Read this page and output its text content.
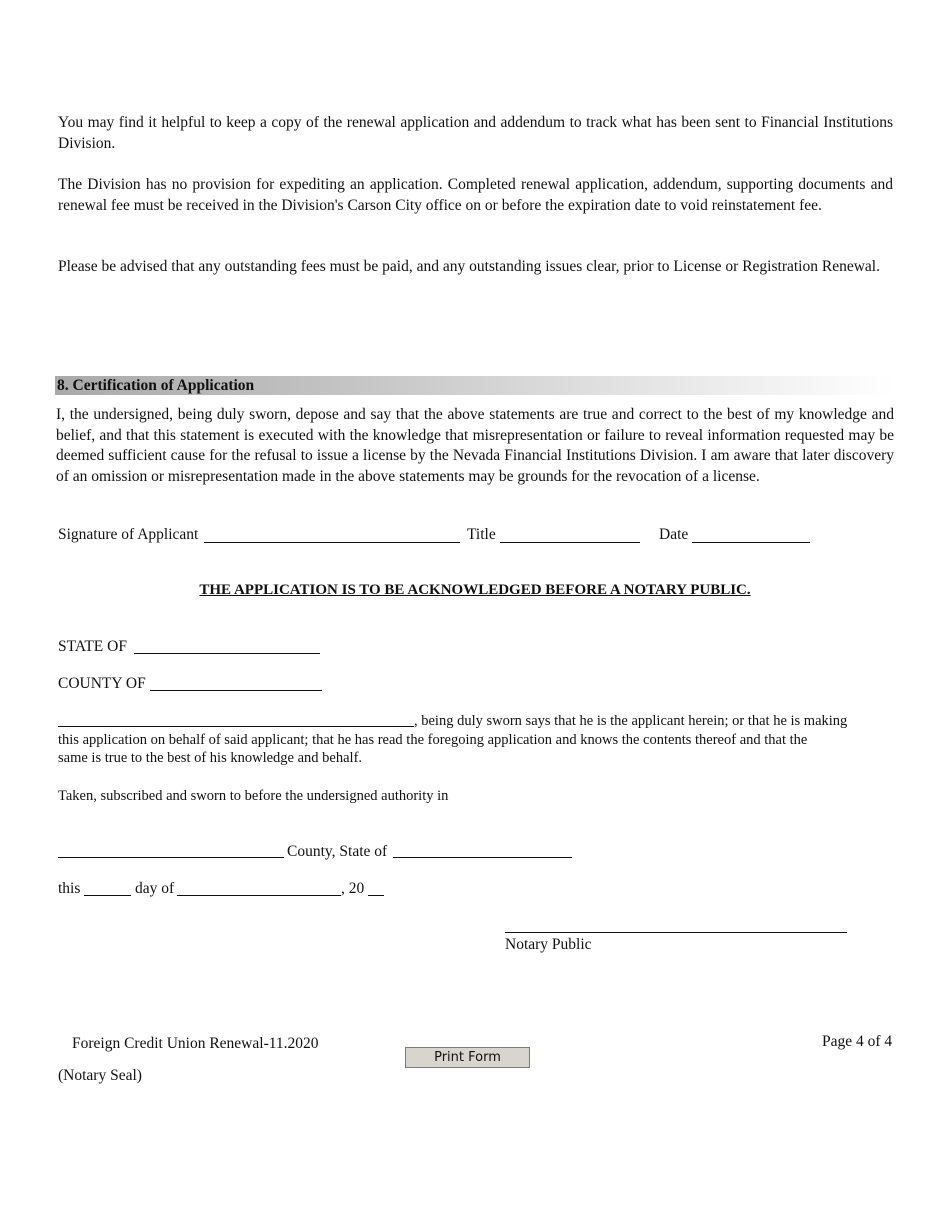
You may find it helpful to keep a copy of the renewal application and addendum to track what has been sent to Financial Institutions Division.
The Division has no provision for expediting an application. Completed renewal application, addendum, supporting documents and renewal fee must be received in the Division's Carson City office on or before the expiration date to void reinstatement fee.
Please be advised that any outstanding fees must be paid, and any outstanding issues clear, prior to License or Registration Renewal.
8. Certification of Application
I, the undersigned, being duly sworn, depose and say that the above statements are true and correct to the best of my knowledge and belief, and that this statement is executed with the knowledge that misrepresentation or failure to reveal information requested may be deemed sufficient cause for the refusal to issue a license by the Nevada Financial Institutions Division. I am aware that later discovery of an omission or misrepresentation made in the above statements may be grounds for the revocation of a license.
Signature of Applicant	Title	Date
THE APPLICATION IS TO BE ACKNOWLEDGED BEFORE A NOTARY PUBLIC.
STATE OF
COUNTY OF
, being duly sworn says that he is the applicant herein; or that he is making
this application on behalf of said applicant; that he has read the foregoing application and knows the contents thereof and that the
same is true to the best of his knowledge and behalf.
Taken, subscribed and sworn to before the undersigned authority in
County, State of
this	day of	, 20
Notary Public
Foreign Credit Union Renewal-11.2020
Print Form
Page 4 of 4
(Notary Seal)
